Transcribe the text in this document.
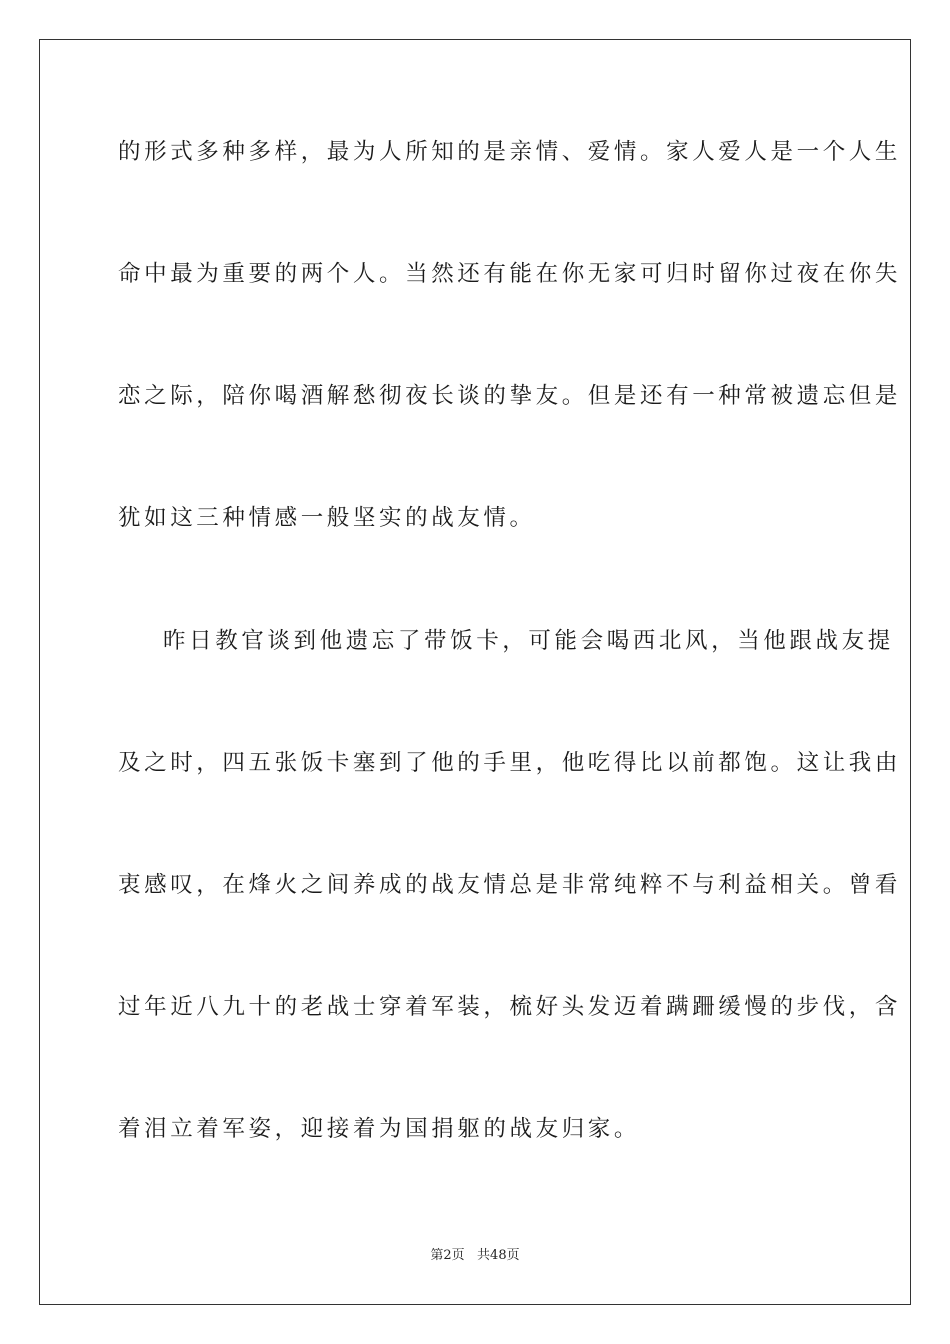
的形式多种多样，最为人所知的是亲情、爱情。家人爱人是一个人生
命中最为重要的两个人。当然还有能在你无家可归时留你过夜在你失
恋之际，陪你喝酒解愁彻夜长谈的挚友。但是还有一种常被遗忘但是
犹如这三种情感一般坚实的战友情。
昨日教官谈到他遗忘了带饭卡，可能会喝西北风，当他跟战友提
及之时，四五张饭卡塞到了他的手里，他吃得比以前都饱。这让我由
衷感叹，在烽火之间养成的战友情总是非常纯粹不与利益相关。曾看
过年近八九十的老战士穿着军装，梳好头发迈着蹒跚缓慢的步伐，含
着泪立着军姿，迎接着为国捐躯的战友归家。
第2页   共48页
